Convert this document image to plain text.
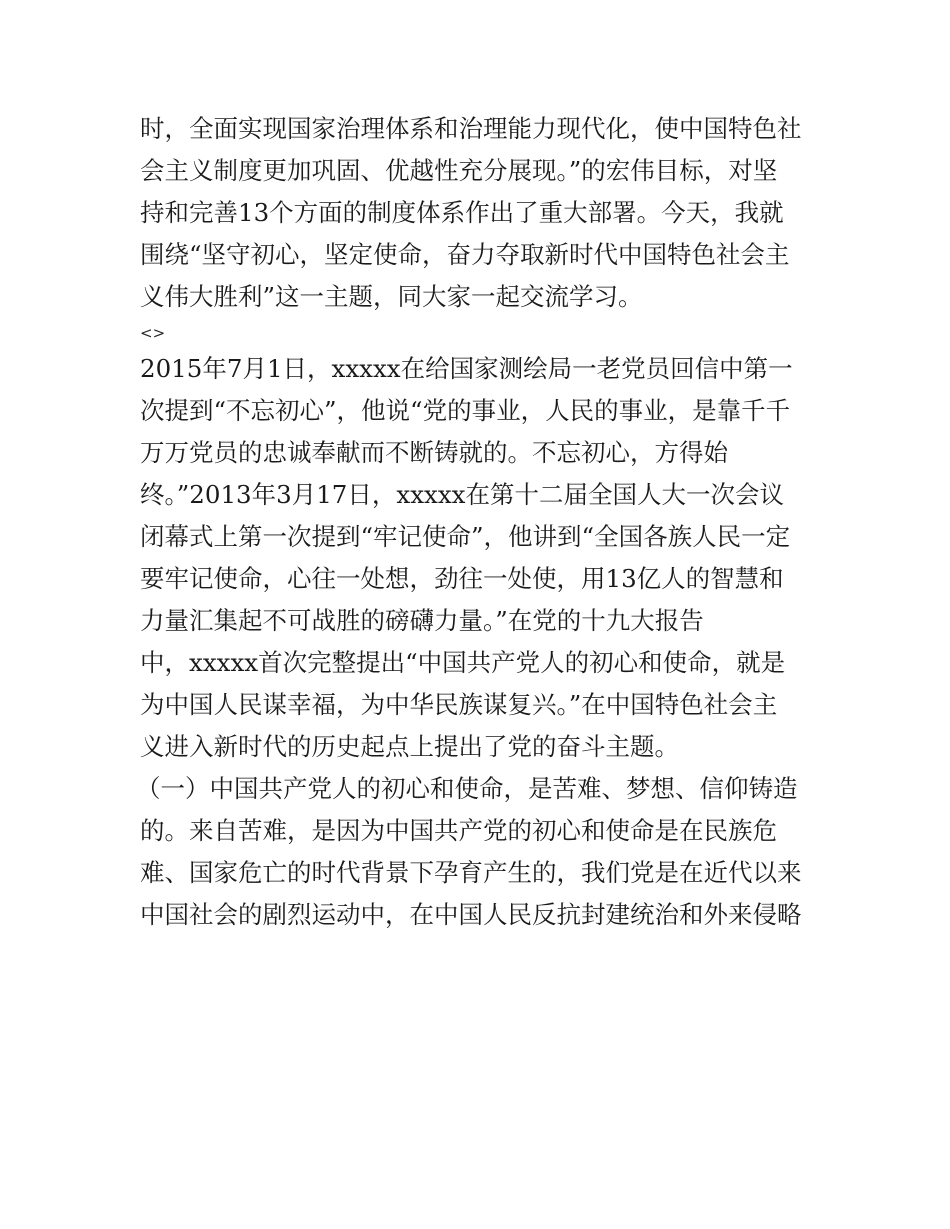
时，全面实现国家治理体系和治理能力现代化，使中国特色社
会主义制度更加巩固、优越性充分展现。”的宏伟目标，对坚
持和完善13个方面的制度体系作出了重大部署。今天，我就
围绕“坚守初心，坚定使命，奋力夺取新时代中国特色社会主
义伟大胜利”这一主题，同大家一起交流学习。
<>
2015年7月1日，xxxxx在给国家测绘局一老党员回信中第一
次提到“不忘初心”，他说“党的事业，人民的事业，是靠千千
万万党员的忠诚奉献而不断铸就的。不忘初心，方得始
终。”2013年3月17日，xxxxx在第十二届全国人大一次会议
闭幕式上第一次提到“牢记使命”，他讲到“全国各族人民一定
要牢记使命，心往一处想，劲往一处使，用13亿人的智慧和
力量汇集起不可战胜的磅礴力量。”在党的十九大报告
中，xxxxx首次完整提出“中国共产党人的初心和使命，就是
为中国人民谋幸福，为中华民族谋复兴。”在中国特色社会主
义进入新时代的历史起点上提出了党的奋斗主题。
（一）中国共产党人的初心和使命，是苦难、梦想、信仰铸造
的。来自苦难，是因为中国共产党的初心和使命是在民族危
难、国家危亡的时代背景下孕育产生的，我们党是在近代以来
中国社会的剧烈运动中，在中国人民反抗封建统治和外来侵略
